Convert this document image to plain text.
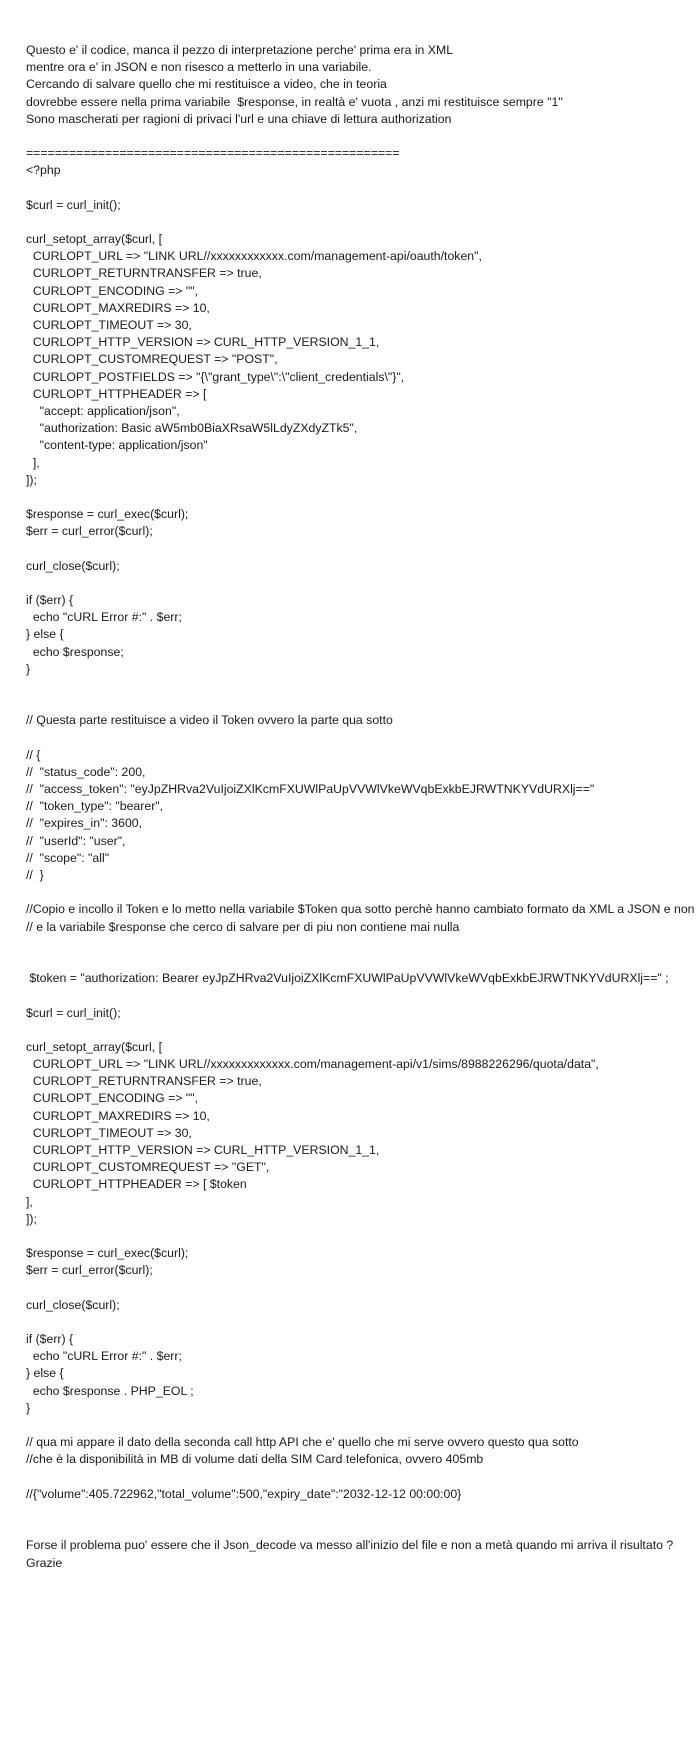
Questo e' il codice, manca il pezzo di interpretazione perche' prima era in XML
mentre ora e' in JSON e non risesco a metterlo in una variabile.
Cercando di salvare quello che mi restituisce a video, che in teoria
dovrebbe essere nella prima variabile  $response, in realtà e' vuota , anzi mi restituisce sempre "1"
Sono mascherati per ragioni di privaci l'url e una chiave di lettura authorization
====================================================
<?php
$curl = curl_init();
curl_setopt_array($curl, [
CURLOPT_URL => "LINK URL//xxxxxxxxxxxx.com/management-api/oauth/token",
CURLOPT_RETURNTRANSFER => true,
CURLOPT_ENCODING => "",
CURLOPT_MAXREDIRS => 10,
CURLOPT_TIMEOUT => 30,
CURLOPT_HTTP_VERSION => CURL_HTTP_VERSION_1_1,
CURLOPT_CUSTOMREQUEST => "POST",
CURLOPT_POSTFIELDS => "{\"grant_type\":\"client_credentials\"}",
CURLOPT_HTTPHEADER => [
"accept: application/json",
"authorization: Basic aW5mb0BiaXRsaW5lLdyZXdyZTk5",
"content-type: application/json"
],
]);
$response = curl_exec($curl);
$err = curl_error($curl);
curl_close($curl);
if ($err) {
echo "cURL Error #:" . $err;
} else {
echo $response;
}
// Questa parte restituisce a video il Token ovvero la parte qua sotto
// {
//  "status_code": 200,
//  "access_token": "eyJpZHRva2VuIjoiZXlKcmFXUWlPaUpVVWlVkeWVqbExkbEJRWTNKYVdURXlj=="
//  "token_type": "bearer",
//  "expires_in": 3600,
//  "userId": "user",
//  "scope": "all"
//  }
//Copio e incollo il Token e lo metto nella variabile $Token qua sotto perchè hanno cambiato formato da XML a JSON e non
// e la variabile $response che cerco di salvare per di piu non contiene mai nulla
$token = "authorization: Bearer eyJpZHRva2VuIjoiZXlKcmFXUWlPaUpVVWlVkeWVqbExkbEJRWTNKYVdURXlj==" ;
$curl = curl_init();
curl_setopt_array($curl, [
CURLOPT_URL => "LINK URL//xxxxxxxxxxxxx.com/management-api/v1/sims/8988226296/quota/data",
CURLOPT_RETURNTRANSFER => true,
CURLOPT_ENCODING => "",
CURLOPT_MAXREDIRS => 10,
CURLOPT_TIMEOUT => 30,
CURLOPT_HTTP_VERSION => CURL_HTTP_VERSION_1_1,
CURLOPT_CUSTOMREQUEST => "GET",
CURLOPT_HTTPHEADER => [ $token
],
]);
$response = curl_exec($curl);
$err = curl_error($curl);
curl_close($curl);
if ($err) {
echo "cURL Error #:" . $err;
} else {
echo $response . PHP_EOL ;
}
// qua mi appare il dato della seconda call http API che e' quello che mi serve ovvero questo qua sotto
//che è la disponibilità in MB di volume dati della SIM Card telefonica, ovvero 405mb
//{"volume":405.722962,"total_volume":500,"expiry_date":"2032-12-12 00:00:00}
Forse il problema puo' essere che il Json_decode va messo all'inizio del file e non a metà quando mi arriva il risultato ?
Grazie
